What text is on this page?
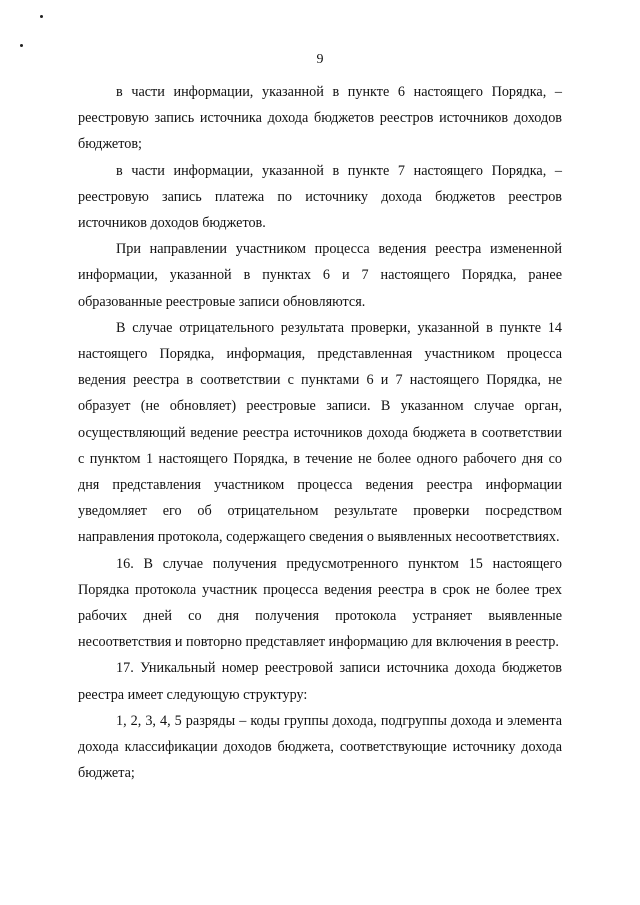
9

в части информации, указанной в пункте 6 настоящего Порядка, – реестровую запись источника дохода бюджетов реестров источников доходов бюджетов;

в части информации, указанной в пункте 7 настоящего Порядка, – реестровую запись платежа по источнику дохода бюджетов реестров источников доходов бюджетов.

При направлении участником процесса ведения реестра измененной информации, указанной в пунктах 6 и 7 настоящего Порядка, ранее образованные реестровые записи обновляются.

В случае отрицательного результата проверки, указанной в пункте 14 настоящего Порядка, информация, представленная участником процесса ведения реестра в соответствии с пунктами 6 и 7 настоящего Порядка, не образует (не обновляет) реестровые записи. В указанном случае орган, осуществляющий ведение реестра источников дохода бюджета в соответствии с пунктом 1 настоящего Порядка, в течение не более одного рабочего дня со дня представления участником процесса ведения реестра информации уведомляет его об отрицательном результате проверки посредством направления протокола, содержащего сведения о выявленных несоответствиях.

16. В случае получения предусмотренного пунктом 15 настоящего Порядка протокола участник процесса ведения реестра в срок не более трех рабочих дней со дня получения протокола устраняет выявленные несоответствия и повторно представляет информацию для включения в реестр.

17. Уникальный номер реестровой записи источника дохода бюджетов реестра имеет следующую структуру:

1, 2, 3, 4, 5 разряды – коды группы дохода, подгруппы дохода и элемента дохода классификации доходов бюджета, соответствующие источнику дохода бюджета;
